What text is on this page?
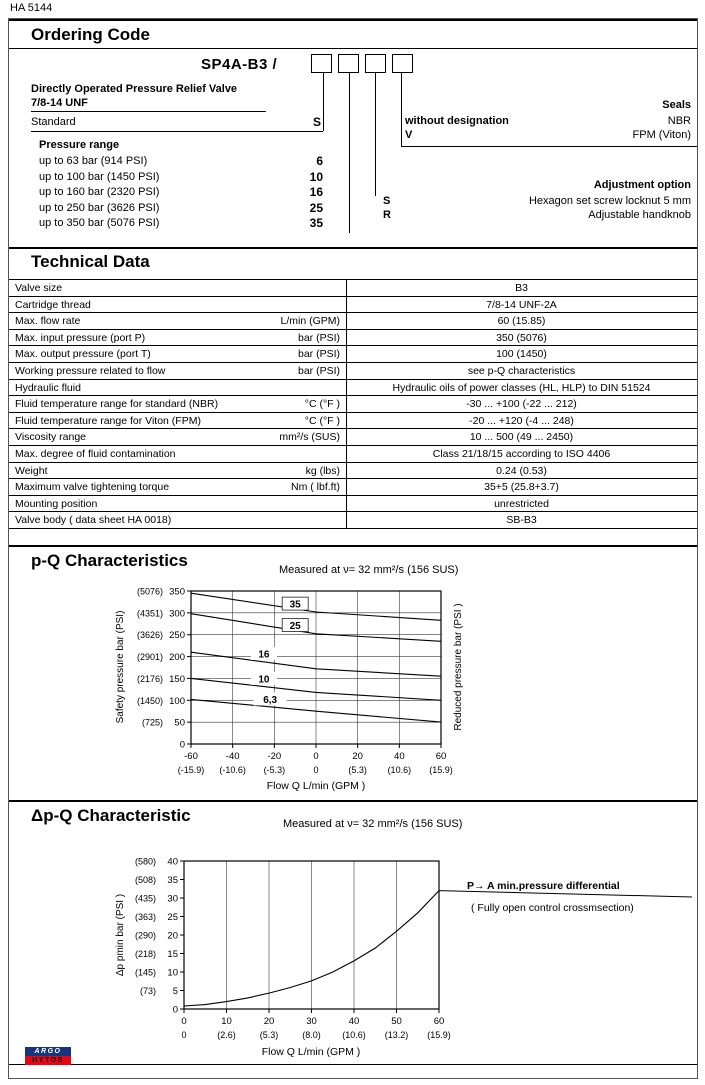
HA 5144
Ordering Code
SP4A-B3 /
Directly Operated Pressure Relief Valve
7/8-14 UNF
Standard	S
Pressure range
up to 63 bar (914 PSI)	6
up to 100 bar (1450 PSI)	10
up to 160 bar (2320 PSI)	16
up to 250 bar (3626 PSI)	25
up to 350 bar (5076 PSI)	35
Seals
without designation	NBR
V	FPM (Viton)
Adjustment option
S	Hexagon set screw locknut 5 mm
R	Adjustable handknob
Technical Data
Valve size	B3
Cartridge thread	7/8-14 UNF-2A
Max. flow rate	L/min (GPM)	60 (15.85)
Max. input pressure (port P)	bar (PSI)	350 (5076)
Max. output pressure (port T)	bar (PSI)	100 (1450)
Working pressure related to flow	bar (PSI)	see p-Q characteristics
Hydraulic fluid	Hydraulic oils of power classes (HL, HLP) to DIN 51524
Fluid temperature range for standard (NBR)	°C (°F )	-30 ... +100 (-22 ... 212)
Fluid temperature range for Viton (FPM)	°C (°F )	-20 ... +120 (-4 ... 248)
Viscosity range	mm²/s (SUS)	10 ... 500 (49 ... 2450)
Max. degree of fluid contamination	Class 21/18/15 according to ISO 4406
Weight	kg (lbs)	0.24 (0.53)
Maximum valve tightening torque	Nm ( lbf.ft)	35+5 (25.8+3.7)
Mounting position	unrestricted
Valve body ( data sheet HA 0018)	SB-B3
p-Q Characteristics	Measured at ν= 32 mm²/s (156 SUS)
Safety pressure bar (PSI)	Reduced pressure bar (PSI )
Flow Q L/min (GPM )
0
50
(725)
100
(1450)
150
(2176)
200
(2901)
250
(3626)
300
(4351)
350
(5076)
-60
(-15.9)
-40
(-10.6)
-20
(-5.3)
0
0
20
(5.3)
40
(10.6)
60
(15.9)
35
25
16
10
6,3
Δp-Q Characteristic	Measured at ν= 32 mm²/s (156 SUS)
Δp pmin bar (PSI )
Flow Q L/min (GPM )
P→ A min.pressure differential
( Fully open control crossmsection)
0
5
(73)
10
(145)
15
(218)
20
(290)
25
(363)
30
(435)
35
(508)
40
(580)
0
0
10
(2.6)
20
(5.3)
30
(8.0)
40
(10.6)
50
(13.2)
60
(15.9)
ARGO
HYTOS
